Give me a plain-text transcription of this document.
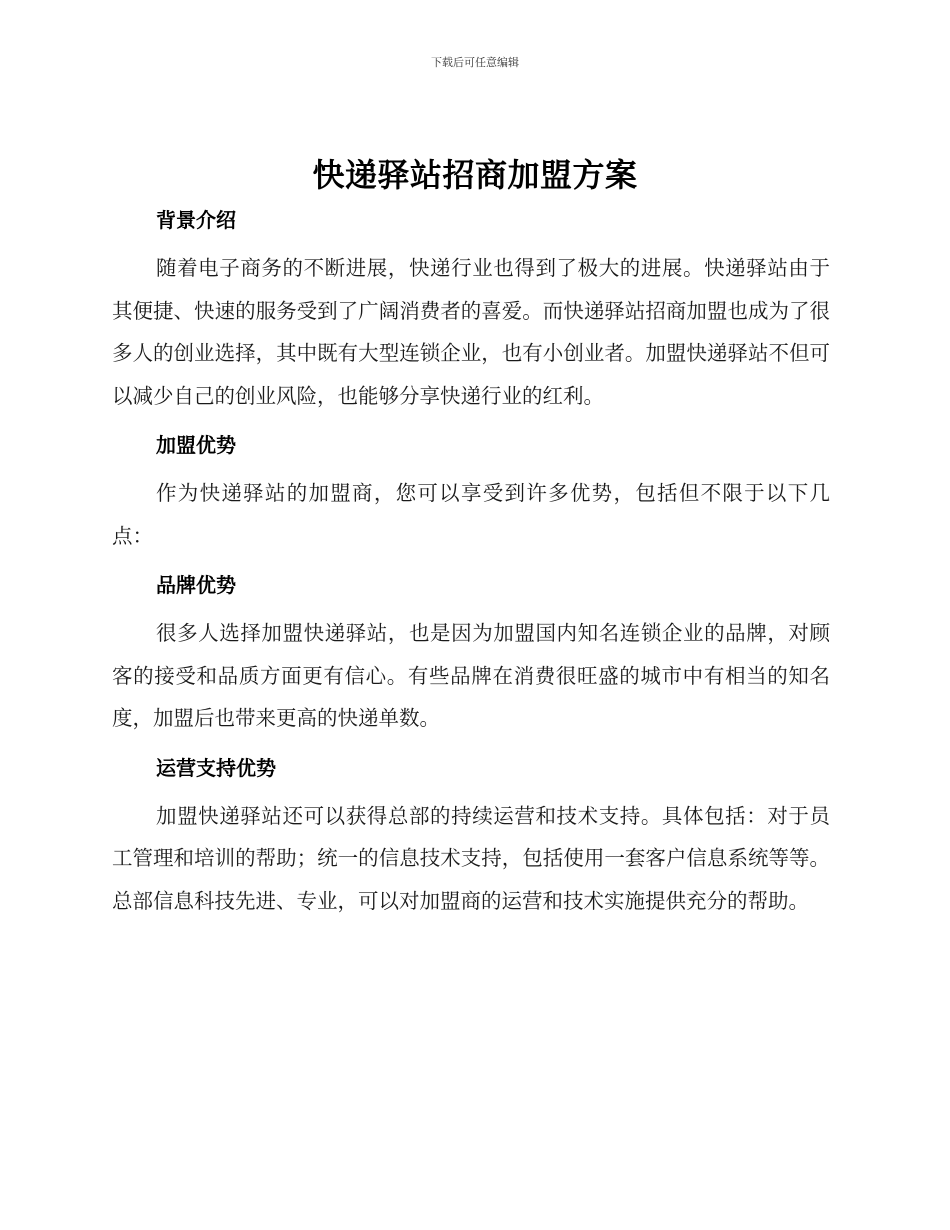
下载后可任意编辑
快递驿站招商加盟方案
背景介绍

随着电子商务的不断进展，快递行业也得到了极大的进展。快递驿站由于其便捷、快速的服务受到了广阔消费者的喜爱。而快递驿站招商加盟也成为了很多人的创业选择，其中既有大型连锁企业，也有小创业者。加盟快递驿站不但可以减少自己的创业风险，也能够分享快递行业的红利。

加盟优势

作为快递驿站的加盟商，您可以享受到许多优势，包括但不限于以下几点：

品牌优势

很多人选择加盟快递驿站，也是因为加盟国内知名连锁企业的品牌，对顾客的接受和品质方面更有信心。有些品牌在消费很旺盛的城市中有相当的知名度，加盟后也带来更高的快递单数。

运营支持优势

加盟快递驿站还可以获得总部的持续运营和技术支持。具体包括：对于员工管理和培训的帮助；统一的信息技术支持，包括使用一套客户信息系统等等。总部信息科技先进、专业，可以对加盟商的运营和技术实施提供充分的帮助。
